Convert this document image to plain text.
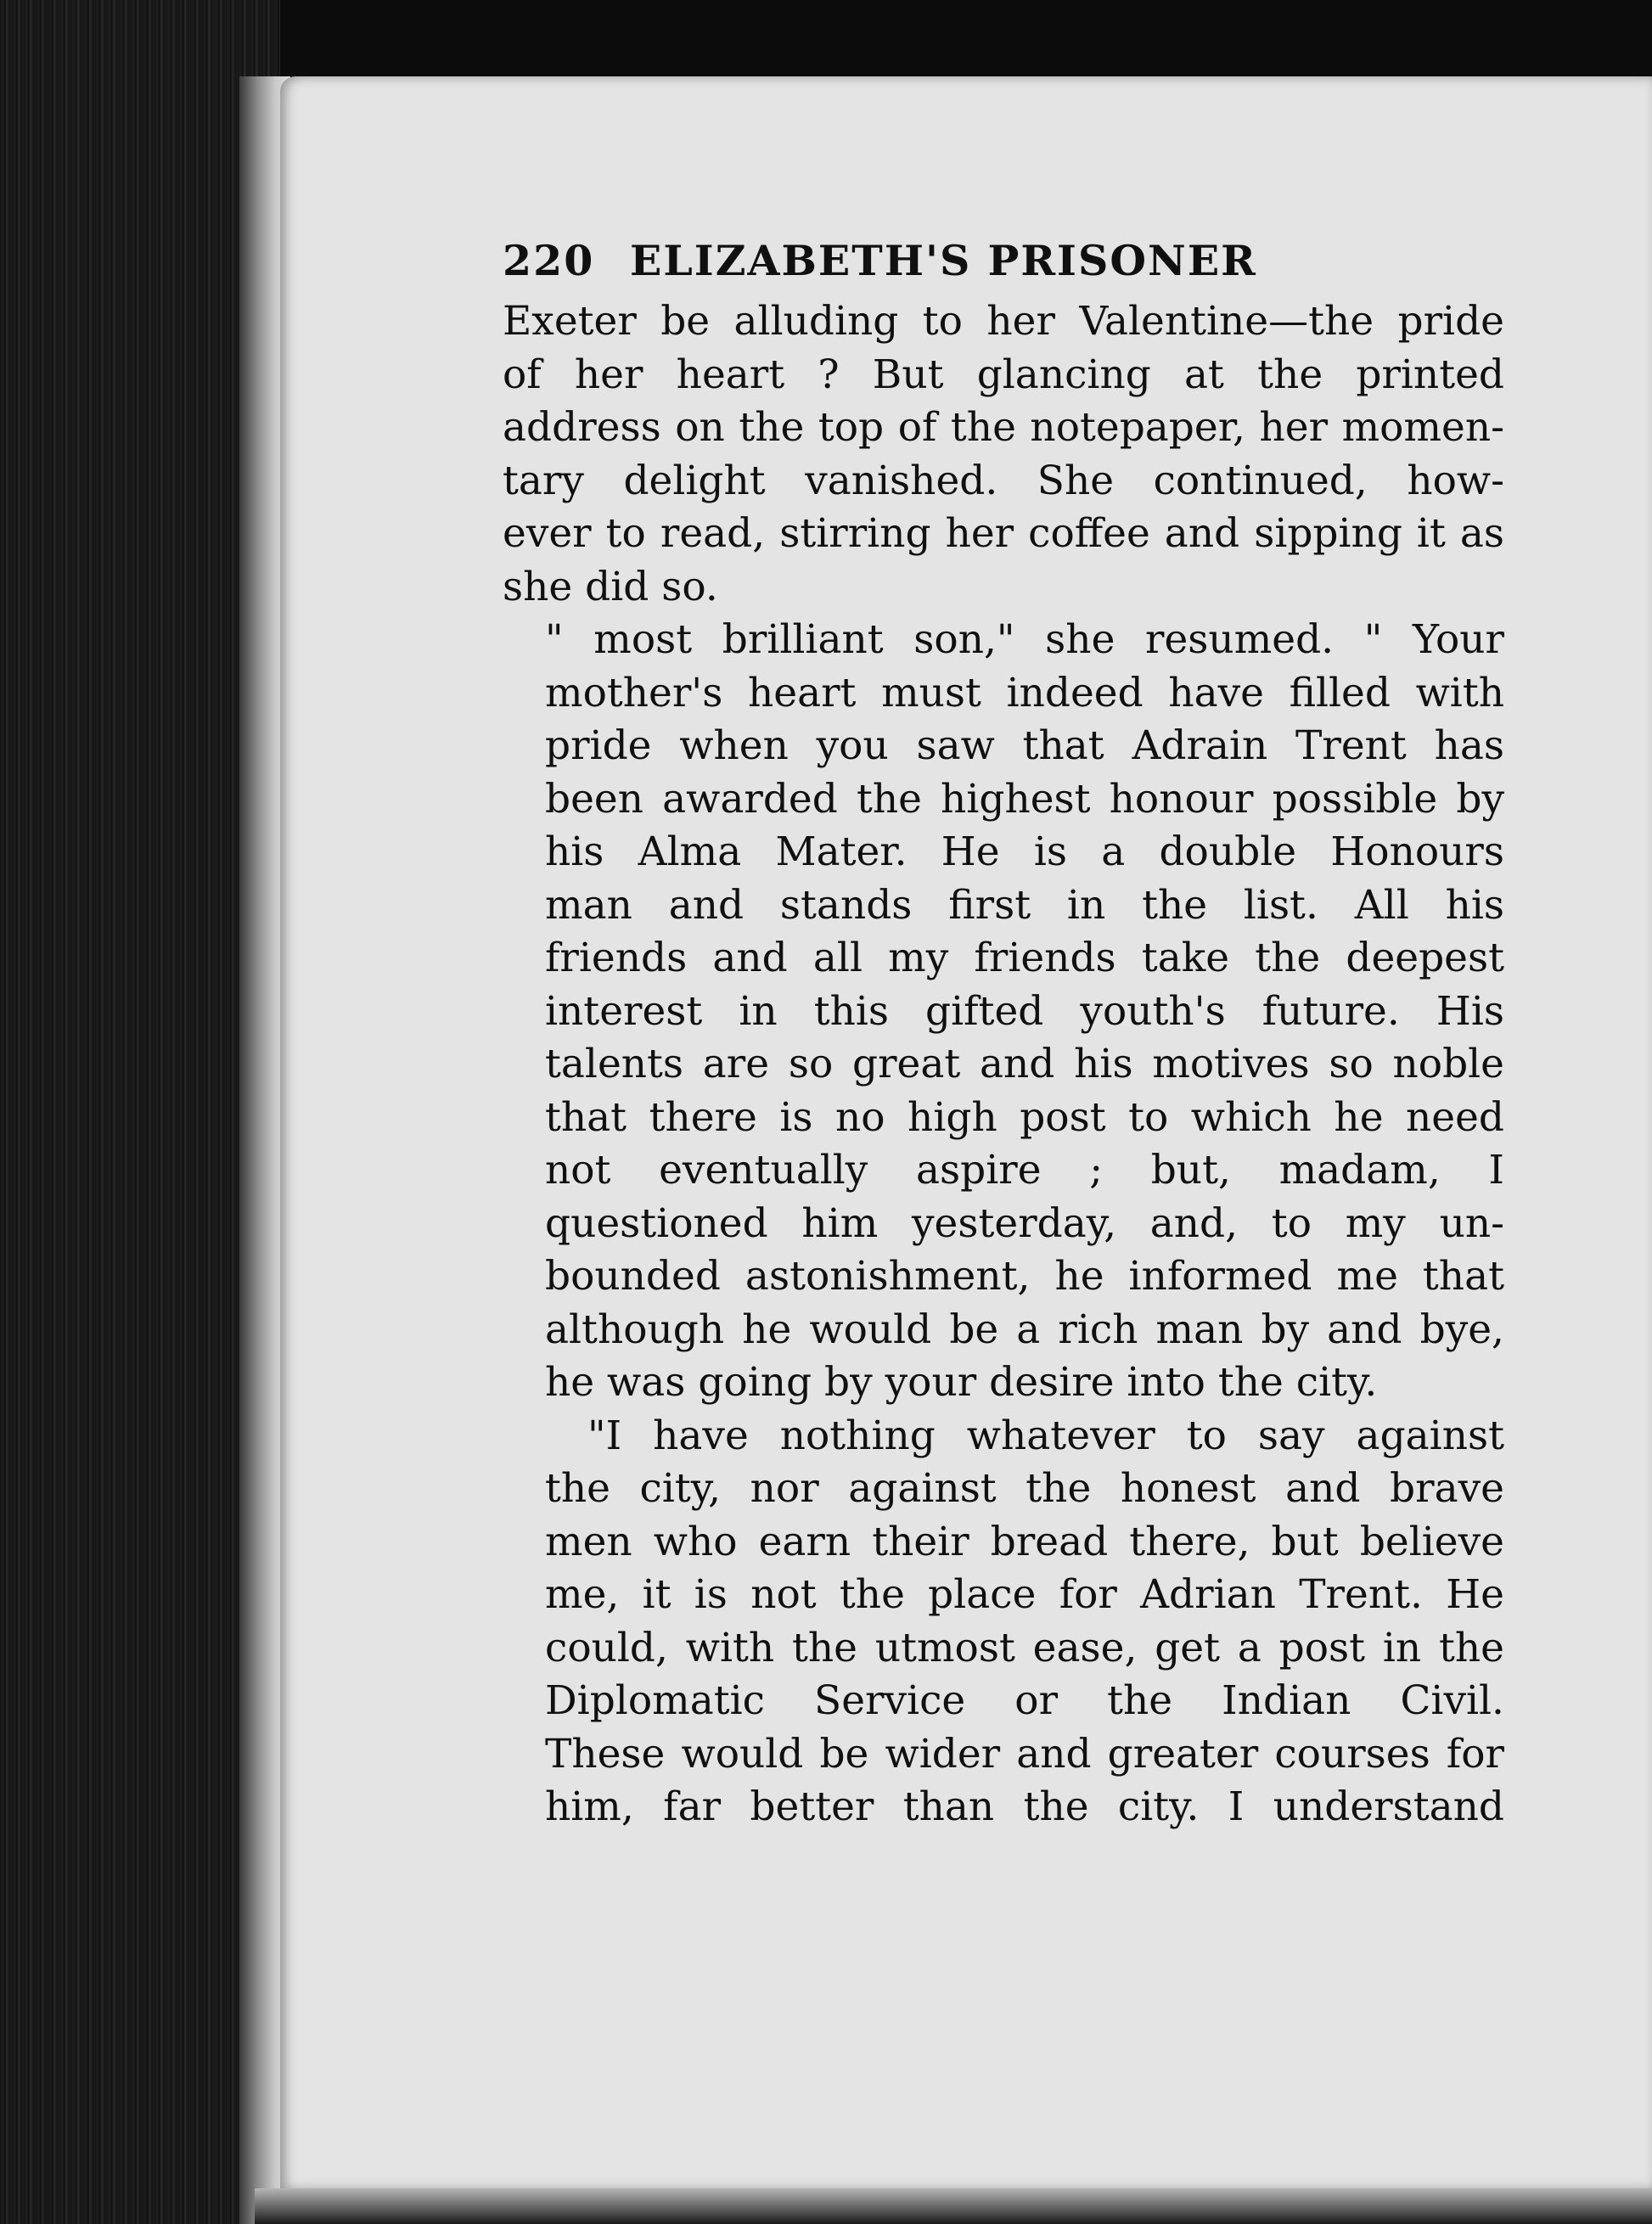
220 ELIZABETH'S PRISONER
Exeter be alluding to her Valentine—the pride
of her heart ? But glancing at the printed
address on the top of the notepaper, her momen-
tary delight vanished. She continued, how-
ever to read, stirring her coffee and sipping it as
she did so.
" most brilliant son," she resumed. " Your
mother's heart must indeed have filled with
pride when you saw that Adrain Trent has
been awarded the highest honour possible by
his Alma Mater. He is a double Honours
man and stands first in the list. All his
friends and all my friends take the deepest
interest in this gifted youth's future. His
talents are so great and his motives so noble
that there is no high post to which he need
not eventually aspire ; but, madam, I
questioned him yesterday, and, to my un-
bounded astonishment, he informed me that
although he would be a rich man by and bye,
he was going by your desire into the city.
"I have nothing whatever to say against
the city, nor against the honest and brave
men who earn their bread there, but believe
me, it is not the place for Adrian Trent. He
could, with the utmost ease, get a post in the
Diplomatic Service or the Indian Civil.
These would be wider and greater courses for
him, far better than the city. I understand
